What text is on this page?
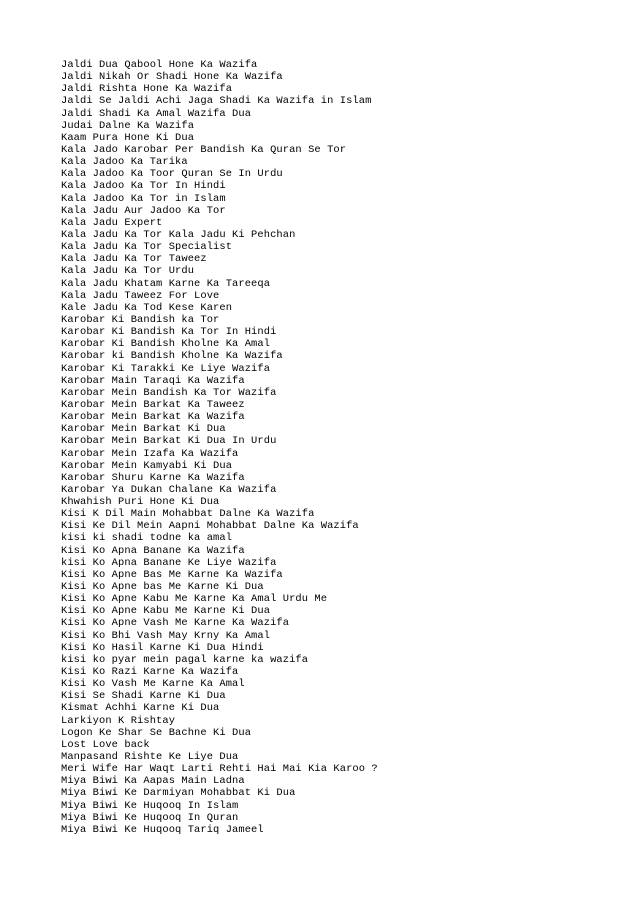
Jaldi Dua Qabool Hone Ka Wazifa
Jaldi Nikah Or Shadi Hone Ka Wazifa
Jaldi Rishta Hone Ka Wazifa
Jaldi Se Jaldi Achi Jaga Shadi Ka Wazifa in Islam
Jaldi Shadi Ka Amal Wazifa Dua
Judai Dalne Ka Wazifa
Kaam Pura Hone Ki Dua
Kala Jado Karobar Per Bandish Ka Quran Se Tor
Kala Jadoo Ka Tarika
Kala Jadoo Ka Toor Quran Se In Urdu
Kala Jadoo Ka Tor In Hindi
Kala Jadoo Ka Tor in Islam
Kala Jadu Aur Jadoo Ka Tor
Kala Jadu Expert
Kala Jadu Ka Tor Kala Jadu Ki Pehchan
Kala Jadu Ka Tor Specialist
Kala Jadu Ka Tor Taweez
Kala Jadu Ka Tor Urdu
Kala Jadu Khatam Karne Ka Tareeqa
Kala Jadu Taweez For Love
Kale Jadu Ka Tod Kese Karen
Karobar Ki Bandish ka Tor
Karobar Ki Bandish Ka Tor In Hindi
Karobar Ki Bandish Kholne Ka Amal
Karobar ki Bandish Kholne Ka Wazifa
Karobar Ki Tarakki Ke Liye Wazifa
Karobar Main Taraqi Ka Wazifa
Karobar Mein Bandish Ka Tor Wazifa
Karobar Mein Barkat Ka Taweez
Karobar Mein Barkat Ka Wazifa
Karobar Mein Barkat Ki Dua
Karobar Mein Barkat Ki Dua In Urdu
Karobar Mein Izafa Ka Wazifa
Karobar Mein Kamyabi Ki Dua
Karobar Shuru Karne Ka Wazifa
Karobar Ya Dukan Chalane Ka Wazifa
Khwahish Puri Hone Ki Dua
Kisi K Dil Main Mohabbat Dalne Ka Wazifa
Kisi Ke Dil Mein Aapni Mohabbat Dalne Ka Wazifa
kisi ki shadi todne ka amal
Kisi Ko Apna Banane Ka Wazifa
kisi Ko Apna Banane Ke Liye Wazifa
Kisi Ko Apne Bas Me Karne Ka Wazifa
Kisi Ko Apne bas Me Karne Ki Dua
Kisi Ko Apne Kabu Me Karne Ka Amal Urdu Me
Kisi Ko Apne Kabu Me Karne Ki Dua
Kisi Ko Apne Vash Me Karne Ka Wazifa
Kisi Ko Bhi Vash May Krny Ka Amal
Kisi Ko Hasil Karne Ki Dua Hindi
kisi ko pyar mein pagal karne ka wazifa
Kisi Ko Razi Karne Ka Wazifa
Kisi Ko Vash Me Karne Ka Amal
Kisi Se Shadi Karne Ki Dua
Kismat Achhi Karne Ki Dua
Larkiyon K Rishtay
Logon Ke Shar Se Bachne Ki Dua
Lost Love back
Manpasand Rishte Ke Liye Dua
Meri Wife Har Waqt Larti Rehti Hai Mai Kia Karoo ?
Miya Biwi Ka Aapas Main Ladna
Miya Biwi Ke Darmiyan Mohabbat Ki Dua
Miya Biwi Ke Huqooq In Islam
Miya Biwi Ke Huqooq In Quran
Miya Biwi Ke Huqooq Tariq Jameel
